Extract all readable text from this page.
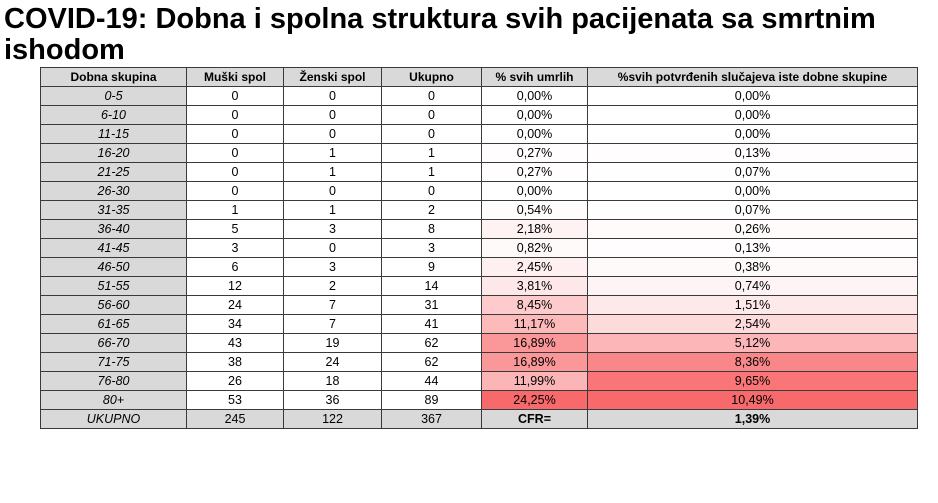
COVID-19: Dobna i spolna struktura svih pacijenata sa smrtnim ishodom
Dobna skupina	Muški spol	Ženski spol	Ukupno	% svih umrlih	%svih potvrđenih slučajeva iste dobne skupine
0-5	0	0	0	0,00%	0,00%
6-10	0	0	0	0,00%	0,00%
11-15	0	0	0	0,00%	0,00%
16-20	0	1	1	0,27%	0,13%
21-25	0	1	1	0,27%	0,07%
26-30	0	0	0	0,00%	0,00%
31-35	1	1	2	0,54%	0,07%
36-40	5	3	8	2,18%	0,26%
41-45	3	0	3	0,82%	0,13%
46-50	6	3	9	2,45%	0,38%
51-55	12	2	14	3,81%	0,74%
56-60	24	7	31	8,45%	1,51%
61-65	34	7	41	11,17%	2,54%
66-70	43	19	62	16,89%	5,12%
71-75	38	24	62	16,89%	8,36%
76-80	26	18	44	11,99%	9,65%
80+	53	36	89	24,25%	10,49%
UKUPNO	245	122	367	CFR=	1,39%
